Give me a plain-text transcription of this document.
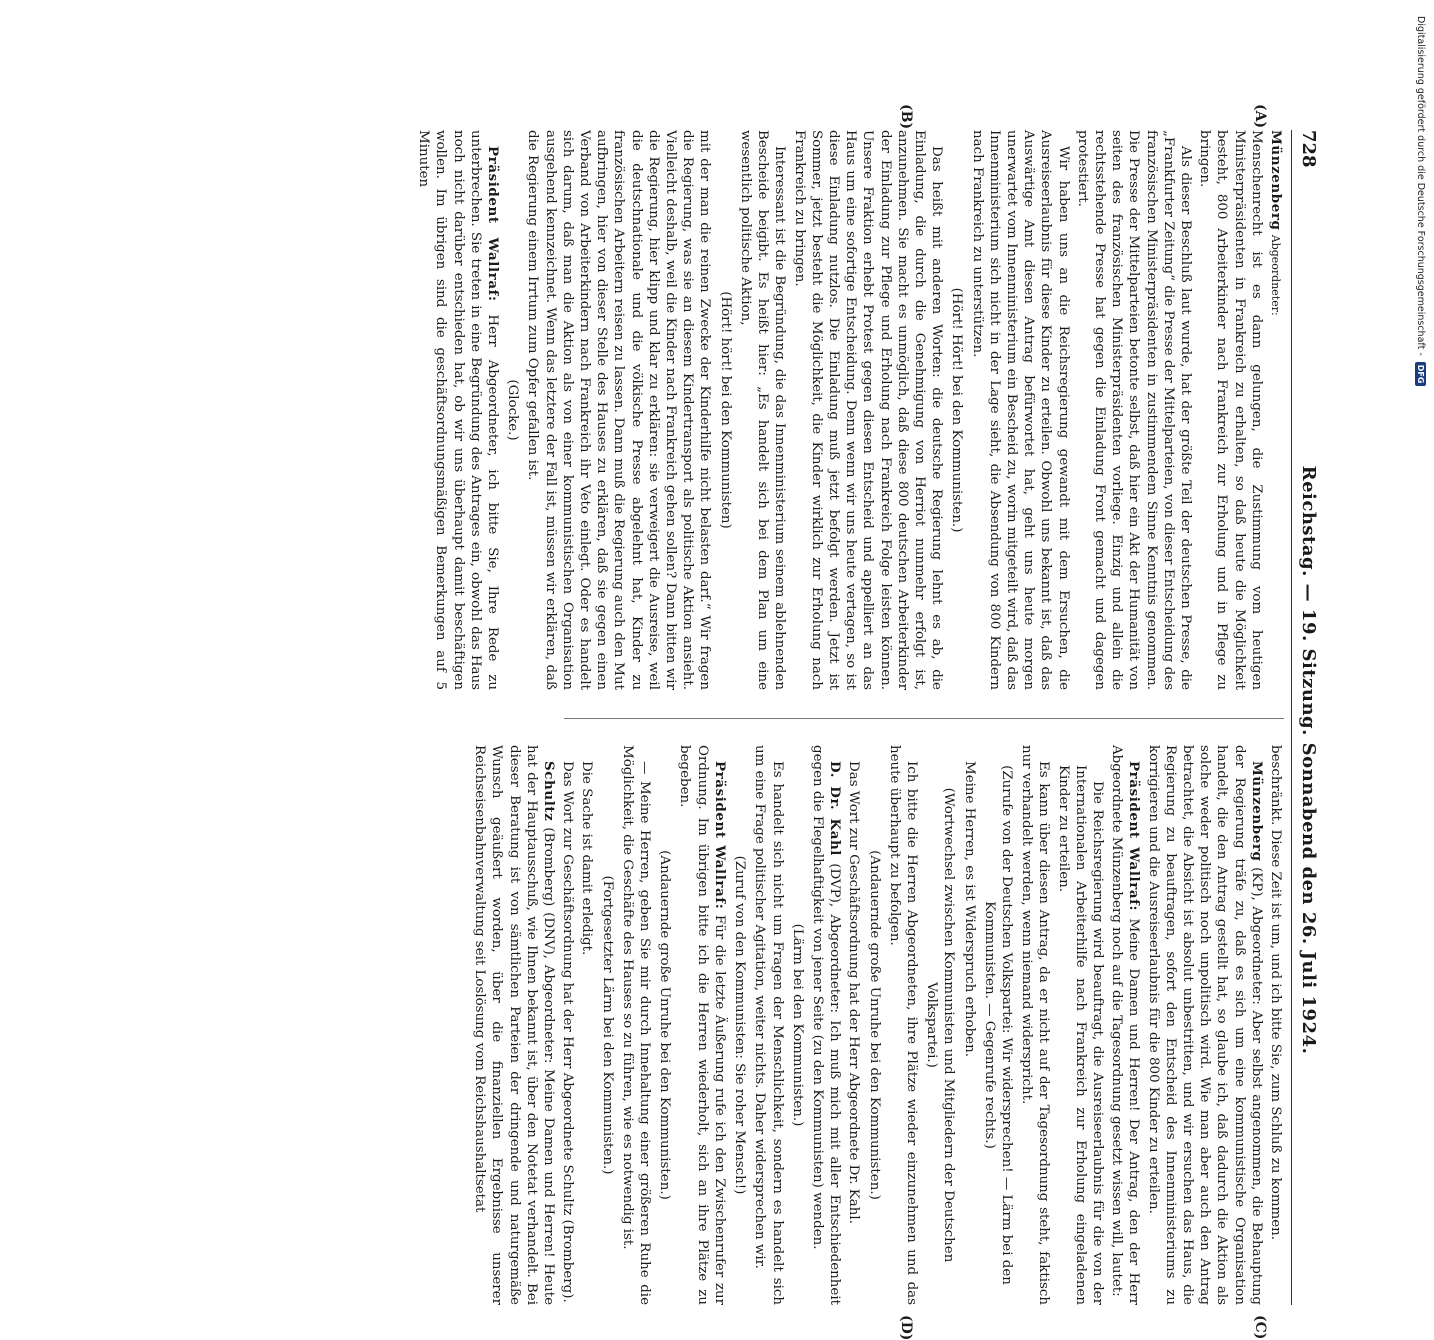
728
Reichstag. — 19. Sitzung. Sonnabend den 26. Juli 1924.
(A)
(B)
(C)
(D)

Münzenberg Abgeordneter:

Menschenrecht ist es dann gelungen, die Zustimmung vom heutigen Ministerpräsidenten in Frankreich zu erhalten, so daß heute die Möglichkeit besteht, 800 Arbeiterkinder nach Frankreich zur Erholung und in Pflege zu bringen.

Als dieser Beschluß laut wurde, hat der größte Teil der deutschen Presse, die „Frankfurter Zeitung“ die Presse der Mittelparteien, von dieser Entscheidung des französischen Ministerpräsidenten in zustimmendem Sinne Kenntnis genommen. Die Presse der Mittelparteien betonte selbst, daß hier ein Akt der Humanität von seiten des französischen Ministerpräsidenten vorliege. Einzig und allein die rechtsstehende Presse hat gegen die Einladung Front gemacht und dagegen protestiert.

Wir haben uns an die Reichsregierung gewandt mit dem Ersuchen, die Ausreiseerlaubnis für diese Kinder zu erteilen. Obwohl uns bekannt ist, daß das Auswärtige Amt diesen Antrag befürwortet hat, geht uns heute morgen unerwartet vom Innenministerium ein Bescheid zu, worin mitgeteilt wird, daß das Innenministerium sich nicht in der Lage sieht, die Absendung von 800 Kindern nach Frankreich zu unterstützen.

(Hört! Hört! bei den Kommunisten.)

Das heißt mit anderen Worten: die deutsche Regierung lehnt es ab, die Einladung, die durch die Genehmigung von Herriot nunmehr erfolgt ist, anzunehmen. Sie macht es unmöglich, daß diese 800 deutschen Arbeiterkinder der Einladung zur Pflege und Erholung nach Frankreich Folge leisten können. Unsere Fraktion erhebt Protest gegen diesen Entscheid und appelliert an das Haus um eine sofortige Entscheidung. Denn wenn wir uns heute vertagen, so ist diese Einladung nutzlos. Die Einladung muß jetzt befolgt werden. Jetzt ist Sommer, jetzt besteht die Möglichkeit, die Kinder wirklich zur Erholung nach Frankreich zu bringen.

Interessant ist die Begründung, die das Innenministerium seinem ablehnenden Bescheide beigibt. Es heißt hier: „Es handelt sich bei dem Plan um eine wesentlich politische Aktion,

(Hört! hört! bei den Kommunisten)

mit der man die reinen Zwecke der Kinderhilfe nicht belasten darf.“ Wir fragen die Regierung, was sie an diesem Kindertransport als politische Aktion ansieht. Vielleicht deshalb, weil die Kinder nach Frankreich gehen sollen? Dann bitten wir die Regierung, hier klipp und klar zu erklären: sie verweigert die Ausreise, weil die deutschnationale und die völkische Presse abgelehnt hat, Kinder zu französischen Arbeitern reisen zu lassen. Dann muß die Regierung auch den Mut aufbringen, hier von dieser Stelle des Hauses zu erklären, daß sie gegen einen Verband von Arbeiterkindern nach Frankreich ihr Veto einlegt. Oder es handelt sich darum, daß man die Aktion als von einer kommunistischen Organisation ausgehend kennzeichnet. Wenn das letztere der Fall ist, müssen wir erklären, daß die Regierung einem Irrtum zum Opfer gefallen ist.

(Glocke.)

Präsident Wallraf: Herr Abgeordneter, ich bitte Sie, Ihre Rede zu unterbrechen. Sie treten in eine Begründung des Antrages ein, obwohl das Haus noch nicht darüber entschieden hat, ob wir uns überhaupt damit beschäftigen wollen. Im übrigen sind die geschäftsordnungsmäßigen Bemerkungen auf 5 Minuten

beschränkt. Diese Zeit ist um, und ich bitte Sie, zum Schluß zu kommen.

Münzenberg (KP), Abgeordneter: Aber selbst angenommen, die Behauptung der Regierung träfe zu, daß es sich um eine kommunistische Organisation handelt, die den Antrag gestellt hat, so glaube ich, daß dadurch die Aktion als solche weder politisch noch unpolitisch wird. Wie man aber auch den Antrag betrachtet, die Absicht ist absolut unbestritten, und wir ersuchen das Haus, die Regierung zu beauftragen, sofort den Entscheid des Innenministeriums zu korrigieren und die Ausreiseerlaubnis für die 800 Kinder zu erteilen.

Präsident Wallraf: Meine Damen und Herren! Der Antrag, den der Herr Abgeordnete Münzenberg noch auf die Tagesordnung gesetzt wissen will, lautet:

Die Reichsregierung wird beauftragt, die Ausreiseerlaubnis für die von der Internationalen Arbeiterhilfe nach Frankreich zur Erholung eingeladenen Kinder zu erteilen.

Es kann über diesen Antrag, da er nicht auf der Tagesordnung steht, faktisch nur verhandelt werden, wenn niemand widerspricht.

(Zurufe von der Deutschen Volkspartei: Wir widersprechen! — Lärm bei den Kommunisten. — Gegenrufe rechts.)

Meine Herren, es ist Widerspruch erhoben.

(Wortwechsel zwischen Kommunisten und Mitgliedern der Deutschen Volkspartei.)

Ich bitte die Herren Abgeordneten, ihre Plätze wieder einzunehmen und das heute überhaupt zu befolgen.

(Andauernde große Unruhe bei den Kommunisten.)

Das Wort zur Geschäftsordnung hat der Herr Abgeordnete Dr. Kahl.

D. Dr. Kahl (DVP), Abgeordneter: Ich muß mich mit aller Entschiedenheit gegen die Flegelhaftigkeit von jener Seite (zu den Kommunisten) wenden.

(Lärm bei den Kommunisten.)

Es handelt sich nicht um Fragen der Menschlichkeit, sondern es handelt sich um eine Frage politischer Agitation, weiter nichts. Daher widersprechen wir.

(Zuruf von den Kommunisten: Sie roher Mensch!)

Präsident Wallraf: Für die letzte Äußerung rufe ich den Zwischenrufer zur Ordnung. Im übrigen bitte ich die Herren wiederholt, sich an ihre Plätze zu begeben.

(Andauernde große Unruhe bei den Kommunisten.)

— Meine Herren, geben Sie mir durch Innehaltung einer größeren Ruhe die Möglichkeit, die Geschäfte des Hauses so zu führen, wie es notwendig ist.

(Fortgesetzter Lärm bei den Kommunisten.)

Die Sache ist damit erledigt.

Das Wort zur Geschäftsordnung hat der Herr Abgeordnete Schultz (Bromberg).

Schultz (Bromberg) (DNV), Abgeordneter: Meine Damen und Herren! Heute hat der Hauptausschuß, wie Ihnen bekannt ist, über den Notetat verhandelt. Bei dieser Beratung ist von sämtlichen Parteien der dringende und naturgemäße Wunsch geäußert worden, über die finanziellen Ergebnisse unserer Reichseisenbahnverwaltung seit Loslösung vom Reichshaushaltsetat

Digitalisierung gefördert durch die Deutsche Forschungsgemeinschaft -
DFG
